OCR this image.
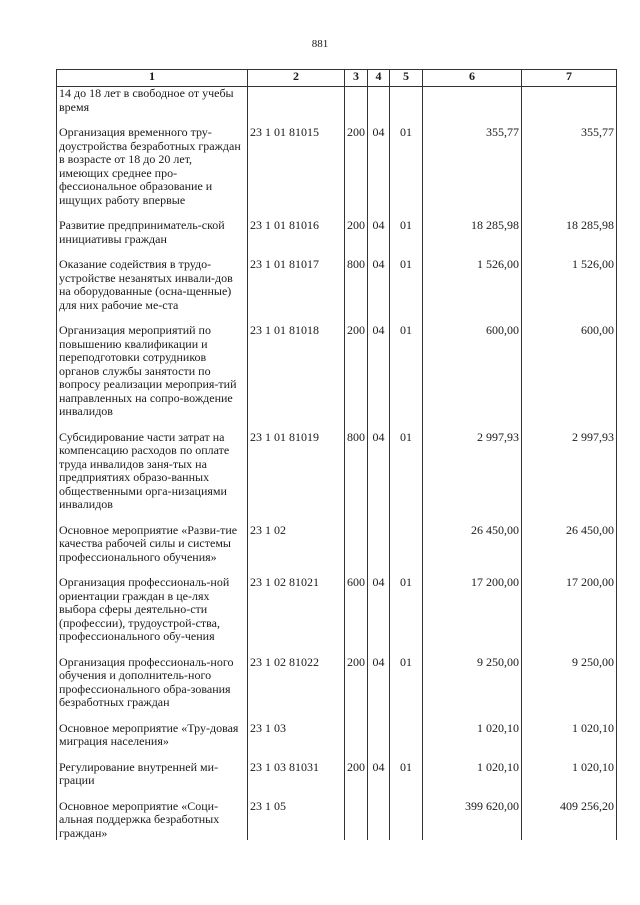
881
1	2	3	4	5	6	7
14 до 18 лет в свободное от учебы время						

Организация временного тру-доустройства безработных граждан в возрасте от 18 до 20 лет, имеющих среднее про-фессиональное образование и ищущих работу впервые	23 1 01 81015	200	04	01	355,77	355,77

Развитие предприниматель-ской инициативы граждан	23 1 01 81016	200	04	01	18 285,98	18 285,98

Оказание содействия в трудо-устройстве незанятых инвали-дов на оборудованные (осна-щенные) для них рабочие ме-ста	23 1 01 81017	800	04	01	1 526,00	1 526,00

Организация мероприятий по повышению квалификации и переподготовки сотрудников органов службы занятости по вопросу реализации мероприя-тий направленных на сопро-вождение инвалидов	23 1 01 81018	200	04	01	600,00	600,00

Субсидирование части затрат на компенсацию расходов по оплате труда инвалидов заня-тых на предприятиях образо-ванных общественными орга-низациями инвалидов	23 1 01 81019	800	04	01	2 997,93	2 997,93

Основное мероприятие «Разви-тие качества рабочей силы и системы профессионального обучения»	23 1 02				26 450,00	26 450,00

Организация профессиональ-ной ориентации граждан в це-лях выбора сферы деятельно-сти (профессии), трудоустрой-ства, профессионального обу-чения	23 1 02 81021	600	04	01	17 200,00	17 200,00

Организация профессиональ-ного обучения и дополнитель-ного профессионального обра-зования безработных граждан	23 1 02 81022	200	04	01	9 250,00	9 250,00

Основное мероприятие «Тру-довая миграция населения»	23 1 03				1 020,10	1 020,10

Регулирование внутренней ми-грации	23 1 03 81031	200	04	01	1 020,10	1 020,10

Основное мероприятие «Соци-альная поддержка безработных граждан»	23 1 05				399 620,00	409 256,20
